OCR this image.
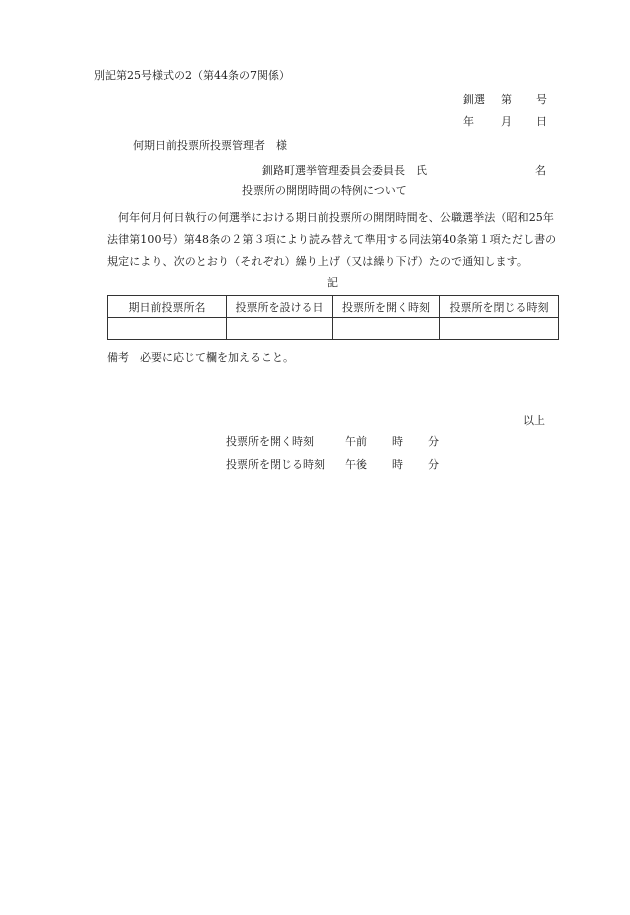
別記第25号様式の2（第44条の7関係）
釧選 第 号
年 月 日
何期日前投票所投票管理者　様
釧路町選挙管理委員会委員長　氏	名
投票所の開閉時間の特例について
何年何月何日執行の何選挙における期日前投票所の開閉時間を、公職選挙法（昭和25年法律第100号）第48条の２第３項により読み替えて準用する同法第40条第１項ただし書の規定により、次のとおり（それぞれ）繰り上げ（又は繰り下げ）たので通知します。
記
期日前投票所名	投票所を設ける日	投票所を開く時刻	投票所を閉じる時刻

備考　必要に応じて欄を加えること。
以上
投票所を開く時刻	午前 時 分
投票所を閉じる時刻 午後 時 分
